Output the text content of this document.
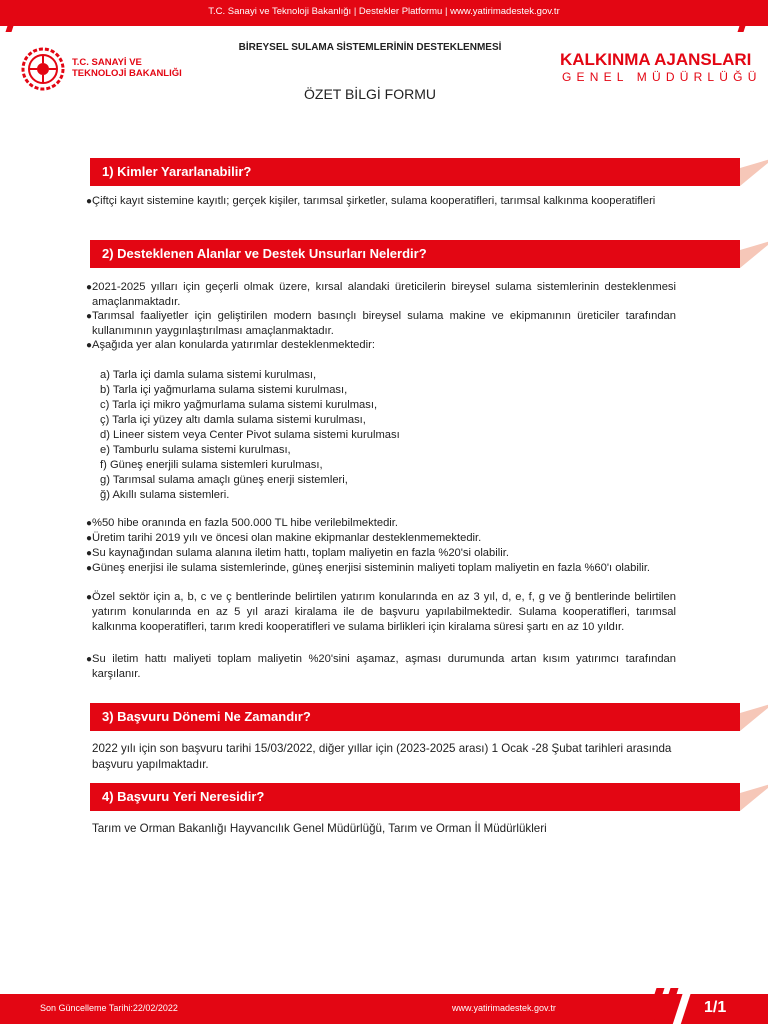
T.C. Sanayi ve Teknoloji Bakanlığı | Destekler Platformu | www.yatirimadestek.gov.tr
T.C. SANAYİ VE
TEKNOLOJİ BAKANLIĞI
BİREYSEL SULAMA SİSTEMLERİNİN DESTEKLENMESİ
ÖZET BİLGİ FORMU
KALKINMA AJANSLARI
GENEL MÜDÜRLÜĞÜ
1) Kimler Yararlanabilir?
● Çiftçi kayıt sistemine kayıtlı; gerçek kişiler, tarımsal şirketler, sulama kooperatifleri, tarımsal kalkınma kooperatifleri
2) Desteklenen Alanlar ve Destek Unsurları Nelerdir?
● 2021-2025 yılları için geçerli olmak üzere, kırsal alandaki üreticilerin bireysel sulama sistemlerinin desteklenmesi amaçlanmaktadır.
● Tarımsal faaliyetler için geliştirilen modern basınçlı bireysel sulama makine ve ekipmanının üreticiler tarafından kullanımının yaygınlaştırılması amaçlanmaktadır.
● Aşağıda yer alan konularda yatırımlar desteklenmektedir:
a) Tarla içi damla sulama sistemi kurulması,
b) Tarla içi yağmurlama sulama sistemi kurulması,
c) Tarla içi mikro yağmurlama sulama sistemi kurulması,
ç) Tarla içi yüzey altı damla sulama sistemi kurulması,
d) Lineer sistem veya Center Pivot sulama sistemi kurulması
e) Tamburlu sulama sistemi kurulması,
f) Güneş enerjili sulama sistemleri kurulması,
g) Tarımsal sulama amaçlı güneş enerji sistemleri,
ğ) Akıllı sulama sistemleri.
● %50 hibe oranında en fazla 500.000 TL hibe verilebilmektedir.
● Üretim tarihi 2019 yılı ve öncesi olan makine ekipmanlar desteklenmemektedir.
● Su kaynağından sulama alanına iletim hattı, toplam maliyetin en fazla %20'si olabilir.
● Güneş enerjisi ile sulama sistemlerinde, güneş enerjisi sisteminin maliyeti toplam maliyetin en fazla %60'ı olabilir.
● Özel sektör için a, b, c ve ç bentlerinde belirtilen yatırım konularında en az 3 yıl, d, e, f, g ve ğ bentlerinde belirtilen yatırım konularında en az 5 yıl arazi kiralama ile de başvuru yapılabilmektedir. Sulama kooperatifleri, tarımsal kalkınma kooperatifleri, tarım kredi kooperatifleri ve sulama birlikleri için kiralama süresi şartı en az 10 yıldır.
● Su iletim hattı maliyeti toplam maliyetin %20'sini aşamaz, aşması durumunda artan kısım yatırımcı tarafından karşılanır.
3) Başvuru Dönemi Ne Zamandır?
2022 yılı için son başvuru tarihi 15/03/2022, diğer yıllar için (2023-2025 arası) 1 Ocak -28 Şubat tarihleri arasında başvuru yapılmaktadır.
4) Başvuru Yeri Neresidir?
Tarım ve Orman Bakanlığı Hayvancılık Genel Müdürlüğü, Tarım ve Orman İl Müdürlükleri
Son Güncelleme Tarihi:22/02/2022	www.yatirimadestek.gov.tr	1/1
